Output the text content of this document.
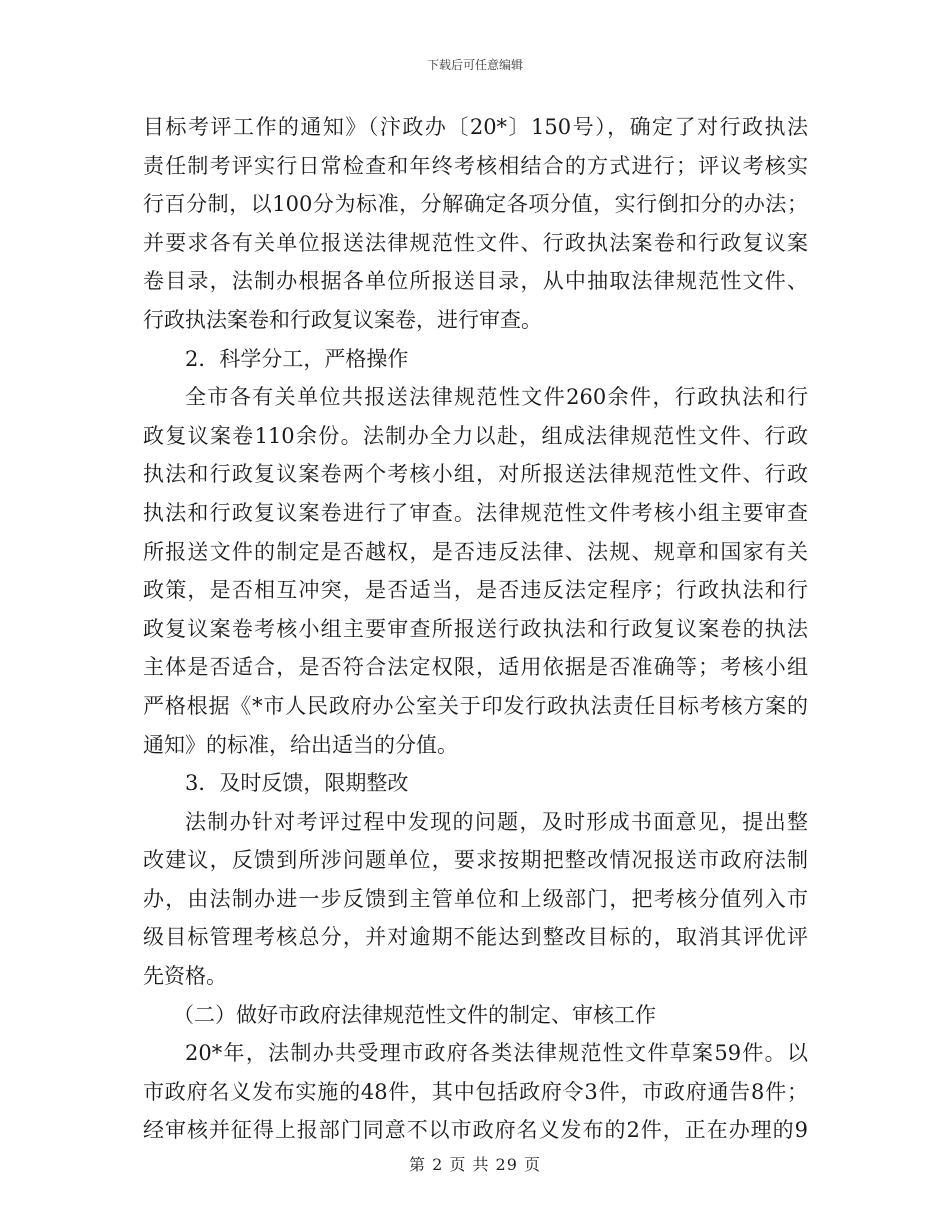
下载后可任意编辑
目标考评工作的通知》（汴政办〔20*〕150号），确定了对行政执法
责任制考评实行日常检查和年终考核相结合的方式进行；评议考核实
行百分制，以100分为标准，分解确定各项分值，实行倒扣分的办法；
并要求各有关单位报送法律规范性文件、行政执法案卷和行政复议案
卷目录，法制办根据各单位所报送目录，从中抽取法律规范性文件、
行政执法案卷和行政复议案卷，进行审查。
2．科学分工，严格操作
全市各有关单位共报送法律规范性文件260余件，行政执法和行
政复议案卷110余份。法制办全力以赴，组成法律规范性文件、行政
执法和行政复议案卷两个考核小组，对所报送法律规范性文件、行政
执法和行政复议案卷进行了审查。法律规范性文件考核小组主要审查
所报送文件的制定是否越权，是否违反法律、法规、规章和国家有关
政策，是否相互冲突，是否适当，是否违反法定程序；行政执法和行
政复议案卷考核小组主要审查所报送行政执法和行政复议案卷的执法
主体是否适合，是否符合法定权限，适用依据是否准确等；考核小组
严格根据《*市人民政府办公室关于印发行政执法责任目标考核方案的
通知》的标准，给出适当的分值。
3．及时反馈，限期整改
法制办针对考评过程中发现的问题，及时形成书面意见，提出整
改建议，反馈到所涉问题单位，要求按期把整改情况报送市政府法制
办，由法制办进一步反馈到主管单位和上级部门，把考核分值列入市
级目标管理考核总分，并对逾期不能达到整改目标的，取消其评优评
先资格。
（二）做好市政府法律规范性文件的制定、审核工作
20*年，法制办共受理市政府各类法律规范性文件草案59件。以
市政府名义发布实施的48件，其中包括政府令3件，市政府通告8件；
经审核并征得上报部门同意不以市政府名义发布的2件，正在办理的9
第 2 页 共 29 页
